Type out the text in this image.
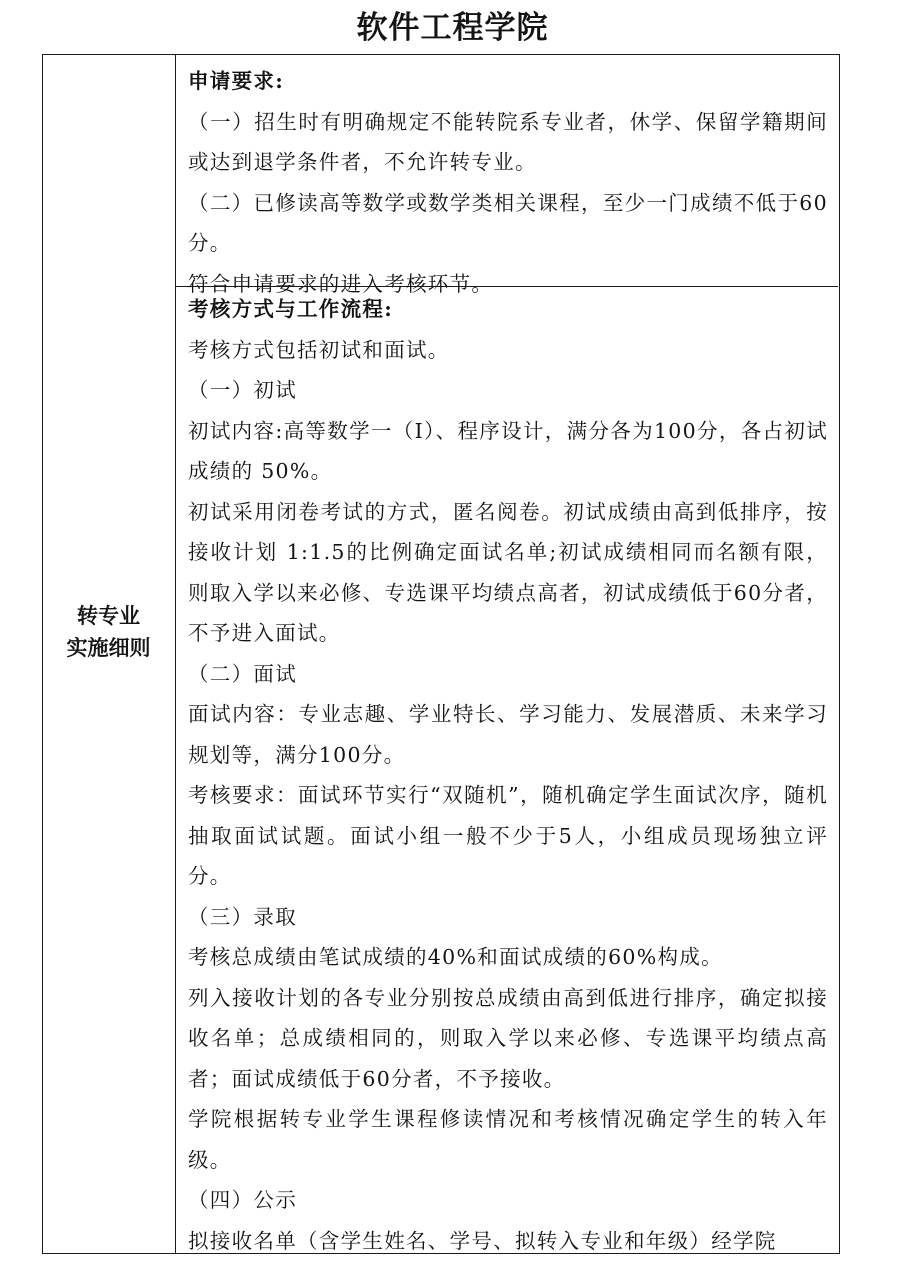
软件工程学院
转专业
实施细则

申请要求:

（一）招生时有明确规定不能转院系专业者，休学、保留学籍期间或达到退学条件者，不允许转专业。

（二）已修读高等数学或数学类相关课程，至少一门成绩不低于60分。

符合申请要求的进入考核环节。

考核方式与工作流程:

考核方式包括初试和面试。

（一）初试

初试内容:高等数学一（I）、程序设计，满分各为100分，各占初试成绩的 50%。

初试采用闭卷考试的方式，匿名阅卷。初试成绩由高到低排序，按接收计划 1:1.5的比例确定面试名单;初试成绩相同而名额有限，则取入学以来必修、专选课平均绩点高者，初试成绩低于60分者，不予进入面试。

（二）面试

面试内容：专业志趣、学业特长、学习能力、发展潜质、未来学习规划等，满分100分。

考核要求：面试环节实行“双随机”，随机确定学生面试次序，随机抽取面试试题。面试小组一般不少于5人，小组成员现场独立评分。

（三）录取

考核总成绩由笔试成绩的40%和面试成绩的60%构成。

列入接收计划的各专业分别按总成绩由高到低进行排序，确定拟接收名单；总成绩相同的，则取入学以来必修、专选课平均绩点高者；面试成绩低于60分者，不予接收。

学院根据转专业学生课程修读情况和考核情况确定学生的转入年级。

（四）公示

拟接收名单（含学生姓名、学号、拟转入专业和年级）经学院
